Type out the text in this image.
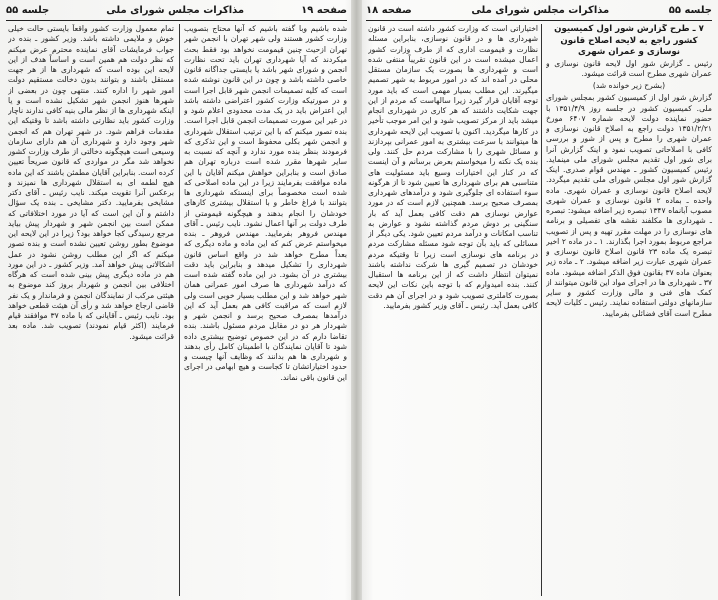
صفحه ۱۹
مذاکرات مجلس شورای ملی
جلسه ۵۵

شده باشیم وبا گفته باشیم که آنها محتاج بتصویب وزارت کشور هستند ولی شهر تهران با انجمن شهر تهران ازحیث چنین قیمومت نخواهد بود فقط بحث میکردند که آیا شهرداری تهران باید تحت نظارت انجمن و شورای شهر باشد یا بایستی جداگانه قانون خاصی داشته باشد و چون در این قانون نوشته شده است که کلیه تصمیمات انجمن شهر قابل اجرا است و در صورتیکه وزارت کشور اعتراضی داشته باشد این اعتراض باید در یک مدت محدودی اعلام شود و در غیر این صورت تصمیمات انجمن قابل اجرا است. بنده تصور میکنم که با این ترتیب استقلال شهرداری و انجمن شهر بکلی محفوظ است و این تذکری که فرمودند بنظر بنده مورد ندارد و آنچه که نسبت به سایر شهرها مقرر شده است درباره تهران هم صادق است و بنابراین خواهش میکنم آقایان با این ماده موافقت بفرمایند زیرا در این ماده اصلاحی که شده است مخصوصاً برای اینستکه شهرداری ها بتوانند با فراغ خاطر و با استقلال بیشتری کارهای خودشان را انجام بدهند و هیچگونه قیمومتی از طرف دولت بر آنها اعمال نشود. نایب رئیس ـ آقای مهندس فروهر بفرمایید. مهندس فروهر ـ بنده میخواستم عرض کنم که این ماده و ماده دیگری که بعداً مطرح خواهد شد در واقع اساس قانون شهرداری را تشکیل میدهد و بنابراین باید دقت بیشتری در آن بشود. در این ماده گفته شده است که درآمد شهرداری ها صرف امور عمرانی همان شهر خواهد شد و این مطلب بسیار خوبی است ولی لازم است که مراقبت کافی هم بعمل آید که این درآمدها بمصرف صحیح برسد و انجمن شهر و شهردار هر دو در مقابل مردم مسئول باشند. بنده تقاضا دارم که در این خصوص توضیح بیشتری داده شود تا آقایان نمایندگان با اطمینان کامل رأی بدهند و شهرداری ها هم بدانند که وظایف آنها چیست و حدود اختیاراتشان تا کجاست و هیچ ابهامی در اجرای این قانون باقی نماند.

تمام معمول وزارت کشور واقعاً بایستی حالت خیلی خوش و ملایمی داشته باشد. وزیر کشور ـ بنده در جواب فرمایشات آقای نماینده محترم عرض میکنم که نظر دولت هم همین است و اساساً هدف از این لایحه این بوده است که شهرداری ها از هر جهت مستقل باشند و بتوانند بدون دخالت مستقیم دولت امور شهر را اداره کنند. منتهی چون در بعضی از شهرها هنوز انجمن شهر تشکیل نشده است و یا اینکه شهرداری ها از نظر مالی بنیه کافی ندارند ناچار وزارت کشور باید نظارتی داشته باشد تا وقتیکه این مقدمات فراهم شود. در شهر تهران هم که انجمن شهر وجود دارد و شهرداری آن هم دارای سازمان وسیعی است هیچگونه دخالتی از طرف وزارت کشور نخواهد شد مگر در مواردی که قانون صریحاً تعیین کرده است. بنابراین آقایان مطمئن باشند که این ماده هیچ لطمه ای به استقلال شهرداری ها نمیزند و برعکس آنرا تقویت میکند. نایب رئیس ـ آقای دکتر مشایخی بفرمایید. دکتر مشایخی ـ بنده یک سؤال داشتم و آن این است که آیا در مورد اختلافاتی که ممکن است بین انجمن شهر و شهردار پیش بیاید مرجع رسیدگی کجا خواهد بود؟ زیرا در این لایحه این موضوع بطور روشن تعیین نشده است و بنده تصور میکنم که اگر این مطلب روشن نشود در عمل اشکالاتی پیش خواهد آمد. وزیر کشور ـ در این مورد هم در ماده دیگری پیش بینی شده است که هرگاه اختلافی بین انجمن و شهردار بروز کند موضوع به هیئتی مرکب از نمایندگان انجمن و فرماندار و یک نفر قاضی ارجاع خواهد شد و رأی آن هیئت قطعی خواهد بود. نایب رئیس ـ آقایانی که با ماده ۳۷ موافقند قیام فرمایند (اکثر قیام نمودند) تصویب شد. ماده بعد قرائت میشود.

جلسه ۵۵
مذاکرات مجلس شورای ملی
صفحه ۱۸

۷ ـ طرح گزارش شور اول کمیسیون کشور راجع به لایحه اصلاح قانون نوسازی و عمران شهری

رئیس ـ گزارش شور اول لایحه قانون نوسازی و عمران شهری مطرح است قرائت میشود.

(بشرح زیر خوانده شد)

گزارش شور اول از کمیسیون کشور بمجلس شورای ملی. کمیسیون کشور در جلسه روز ۱۳۵۱/۴/۹ با حضور نماینده دولت لایحه شماره ۶۴۰۷ مورخ ۱۳۵۱/۲/۲۱ دولت راجع به اصلاح قانون نوسازی و عمران شهری را مطرح و پس از شور و بررسی کافی با اصلاحاتی تصویب نمود و اینک گزارش آنرا برای شور اول تقدیم مجلس شورای ملی مینماید. رئیس کمیسیون کشور ـ مهندس قوام صدری. اینک گزارش شور اول مجلس شورای ملی تقدیم میگردد. لایحه اصلاح قانون نوسازی و عمران شهری. ماده واحده ـ بماده ۲ قانون نوسازی و عمران شهری مصوب آبانماه ۱۳۴۷ تبصره زیر اضافه میشود: تبصره ـ شهرداری ها مکلفند نقشه های تفصیلی و برنامه های نوسازی را در مهلت مقرر تهیه و پس از تصویب مراجع مربوط بمورد اجرا بگذارند. ۱ ـ در ماده ۲ اخیر تبصره یک ماده ۲۳ قانون اصلاح قانون نوسازی و عمران شهری عبارت زیر اضافه میشود. ۲ ـ ماده زیر بعنوان ماده ۳۷ بقانون فوق الذکر اضافه میشود. ماده ۳۷ ـ شهرداری ها در اجرای مواد این قانون میتوانند از کمک های فنی و مالی وزارت کشور و سایر سازمانهای دولتی استفاده نمایند. رئیس ـ کلیات لایحه مطرح است آقای فضائلی بفرمایید.

اختیاراتی است که وزارت کشور داشته است در قانون شهرداری ها و در قانون نوسازی، بنابراین مسئله نظارت و قیمومت اداری که از طرف وزارت کشور اعمال میشده است در این قانون تقریباً منتفی شده است و شهرداری ها بصورت یک سازمان مستقل محلی در آمده اند که در امور مربوط به شهر تصمیم میگیرند. این مطلب بسیار مهمی است که باید مورد توجه آقایان قرار گیرد زیرا سالهاست که مردم از این جهت شکایت داشتند که هر کاری در شهرداری انجام میشد باید از مرکز تصویب شود و این امر موجب تأخیر در کارها میگردید. اکنون با تصویب این لایحه شهرداری ها میتوانند با سرعت بیشتری به امور عمرانی بپردازند و مسائل شهری را با مشارکت مردم حل کنند. ولی بنده یک نکته را میخواستم بعرض برسانم و آن اینست که در کنار این اختیارات وسیع باید مسئولیت های متناسبی هم برای شهرداری ها تعیین شود تا از هرگونه سوء استفاده ای جلوگیری شود و درآمدهای شهرداری بمصرف صحیح برسد. همچنین لازم است که در مورد عوارض نوسازی هم دقت کافی بعمل آید که بار سنگینی بر دوش مردم گذاشته نشود و عوارض به تناسب امکانات و درآمد مردم تعیین شود. یکی دیگر از مسائلی که باید بآن توجه شود مسئله مشارکت مردم در برنامه های نوسازی است زیرا تا وقتیکه مردم خودشان در تصمیم گیری ها شرکت نداشته باشند نمیتوان انتظار داشت که از این برنامه ها استقبال کنند. بنده امیدوارم که با توجه باین نکات این لایحه بصورت کاملتری تصویب شود و در اجرای آن هم دقت کافی بعمل آید. رئیس ـ آقای وزیر کشور بفرمایید.
